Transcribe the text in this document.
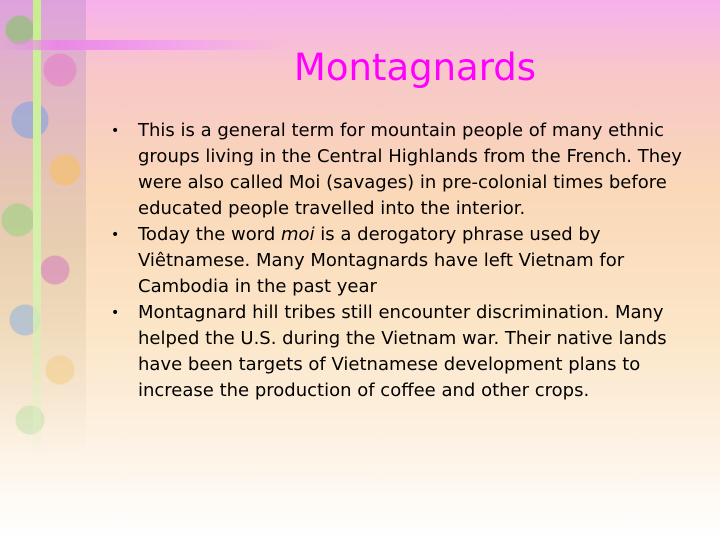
Montagnards
• This is a general term for mountain people of many ethnic groups living in the Central Highlands from the French. They were also called Moi (savages) in pre-colonial times before educated people travelled into the interior.
• Today the word moi is a derogatory phrase used by Viêtnamese. Many Montagnards have left Vietnam for Cambodia in the past year
• Montagnard hill tribes still encounter discrimination. Many helped the U.S. during the Vietnam war. Their native lands have been targets of Vietnamese development plans to increase the production of coffee and other crops.
